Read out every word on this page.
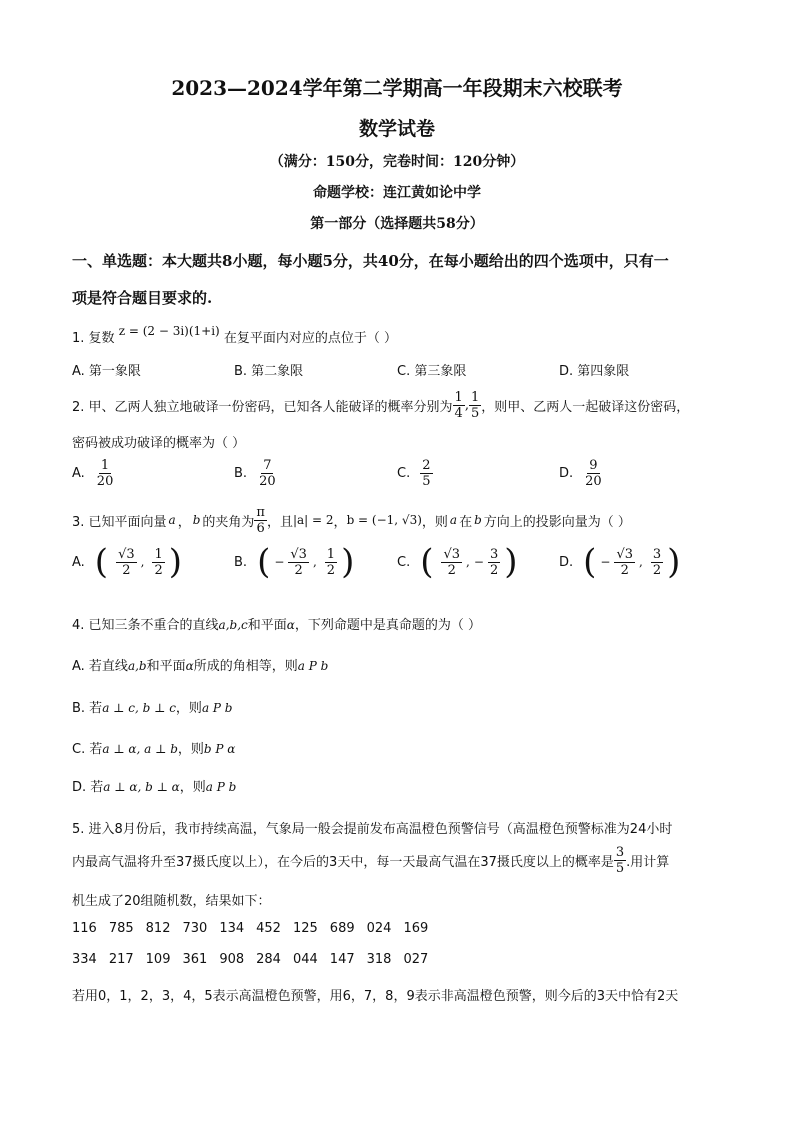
2023—2024学年第二学期高一年段期末六校联考
数学试卷
（满分：150分，完卷时间：120分钟）
命题学校：连江黄如论中学
第一部分（选择题共58分）
一、单选题：本大题共8小题，每小题5分，共40分，在每小题给出的四个选项中，只有一
项是符合题目要求的.
1. 复数 z = (2 − 3i)(1+i) 在复平面内对应的点位于（ ）
A. 第一象限	B. 第二象限	C. 第三象限	D. 第四象限
2. 甲、乙两人独立地破译一份密码，已知各人能破译的概率分别为 $\frac{1}{4}$ , $\frac{1}{5}$ ，则甲、乙两人一起破译这份密码，
密码被成功破译的概率为（ ）
A. $\frac{1}{20}$	B. $\frac{7}{20}$	C. $\frac{2}{5}$	D. $\frac{9}{20}$
3. 已知平面向量 a ， b 的夹角为 $\frac{\pi}{6}$ ，且 |a| = 2 ， b = (−1, √3) ，则 a 在 b 方向上的投影向量为（ ）
A. ( $\frac{√3}{2}$ , $\frac{1}{2}$ )	B. ( − $\frac{√3}{2}$ , $\frac{1}{2}$ )	C. ( $\frac{√3}{2}$ , − $\frac{3}{2}$ )	D. ( − $\frac{√3}{2}$ , $\frac{3}{2}$ )
4. 已知三条不重合的直线a,b,c和平面α，下列命题中是真命题的为（ ）
A. 若直线a,b和平面α所成的角相等，则a P b
B. 若a ⊥ c, b ⊥ c，则a P b
C. 若a ⊥ α, a ⊥ b，则b P α
D. 若a ⊥ α, b ⊥ α，则a P b
5. 进入8月份后，我市持续高温，气象局一般会提前发布高温橙色预警信号（高温橙色预警标准为24小时
内最高气温将升至37摄氏度以上），在今后的3天中，每一天最高气温在37摄氏度以上的概率是 $\frac{3}{5}$ .用计算
机生成了20组随机数，结果如下：
116 785 812 730 134 452 125 689 024 169
334 217 109 361 908 284 044 147 318 027
若用0，1，2，3，4，5表示高温橙色预警，用6，7，8，9表示非高温橙色预警，则今后的3天中恰有2天
